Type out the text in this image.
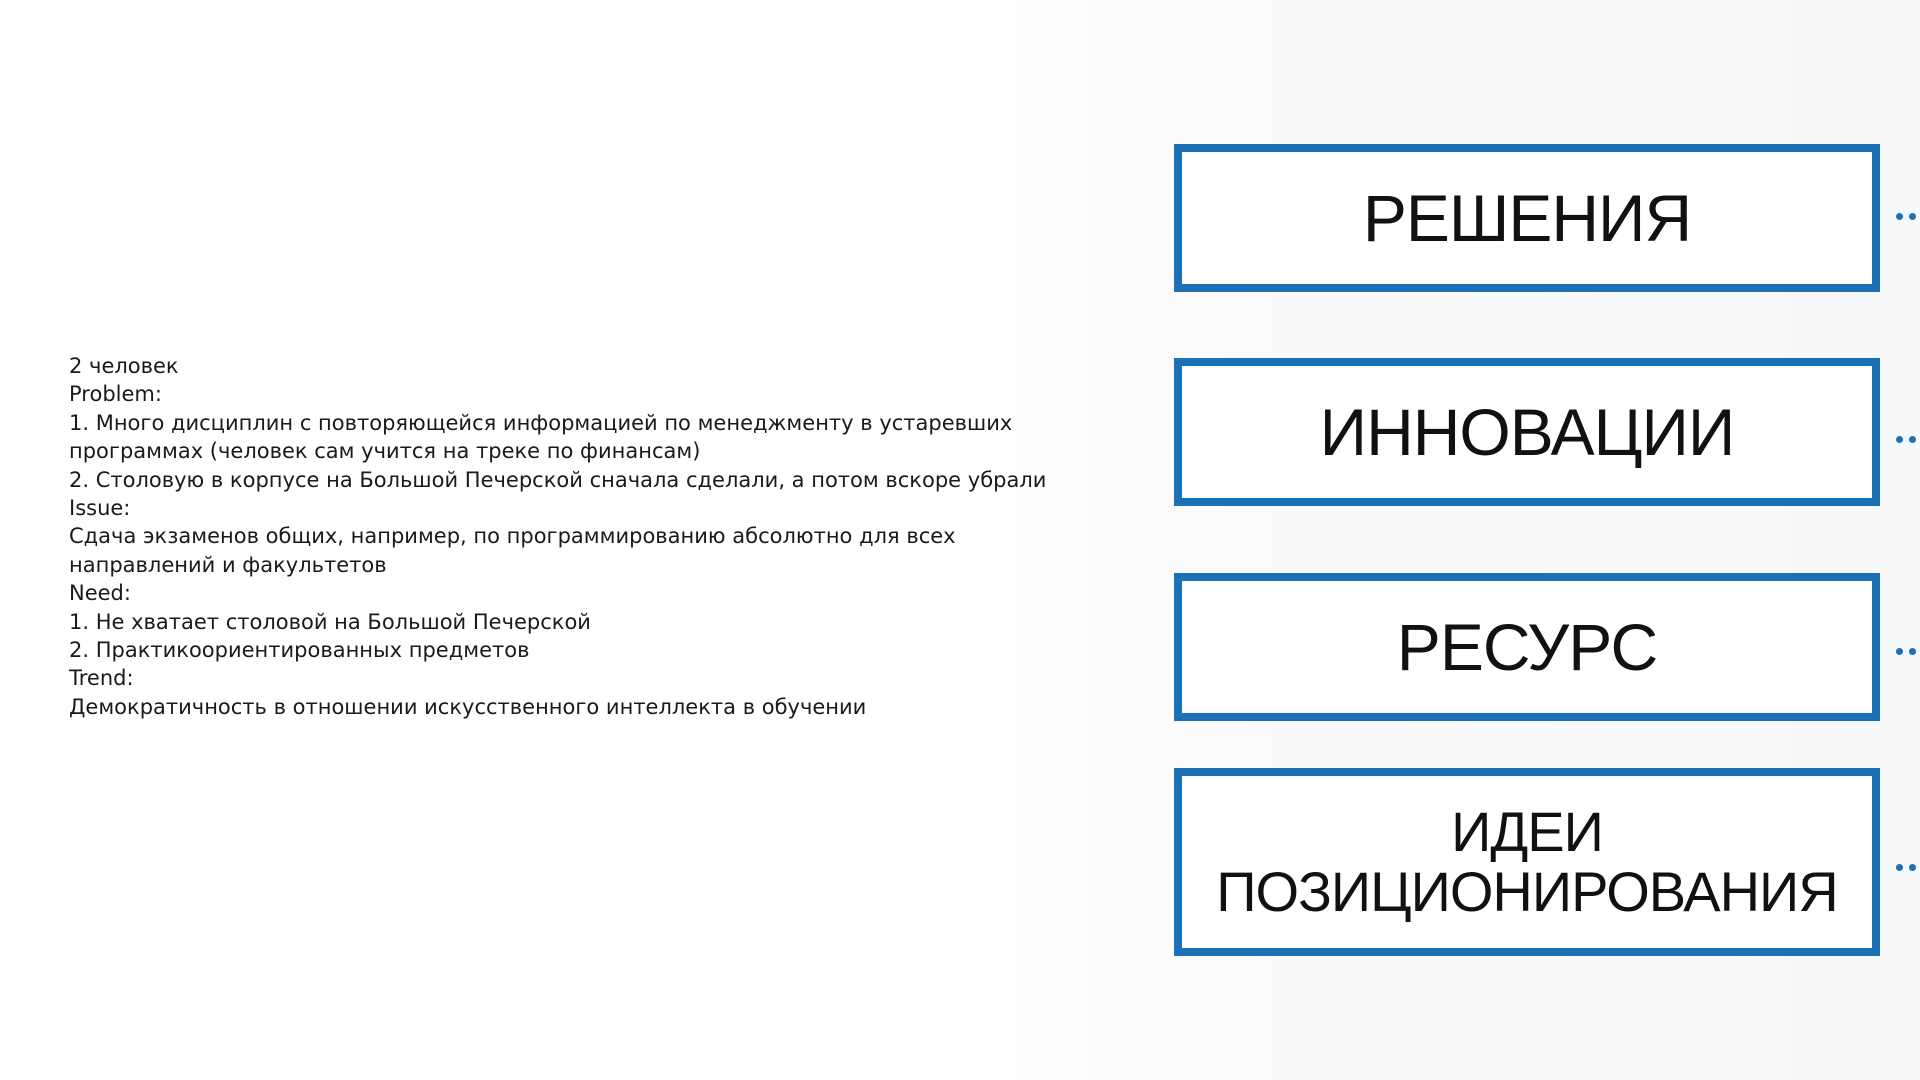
2 человек
Problem:
1. Много дисциплин с повторяющейся информацией по менеджменту в устаревших
программах (человек сам учится на треке по финансам)
2. Столовую в корпусе на Большой Печерской сначала сделали, а потом вскоре убрали
Issue:
Сдача экзаменов общих, например, по программированию абсолютно для всех
направлений и факультетов
Need:
1. Не хватает столовой на Большой Печерской
2. Практикоориентированных предметов
Trend:
Демократичность в отношении искусственного интеллекта в обучении
РЕШЕНИЯ
ИННОВАЦИИ
РЕСУРС
ИДЕИ
ПОЗИЦИОНИРОВАНИЯ
